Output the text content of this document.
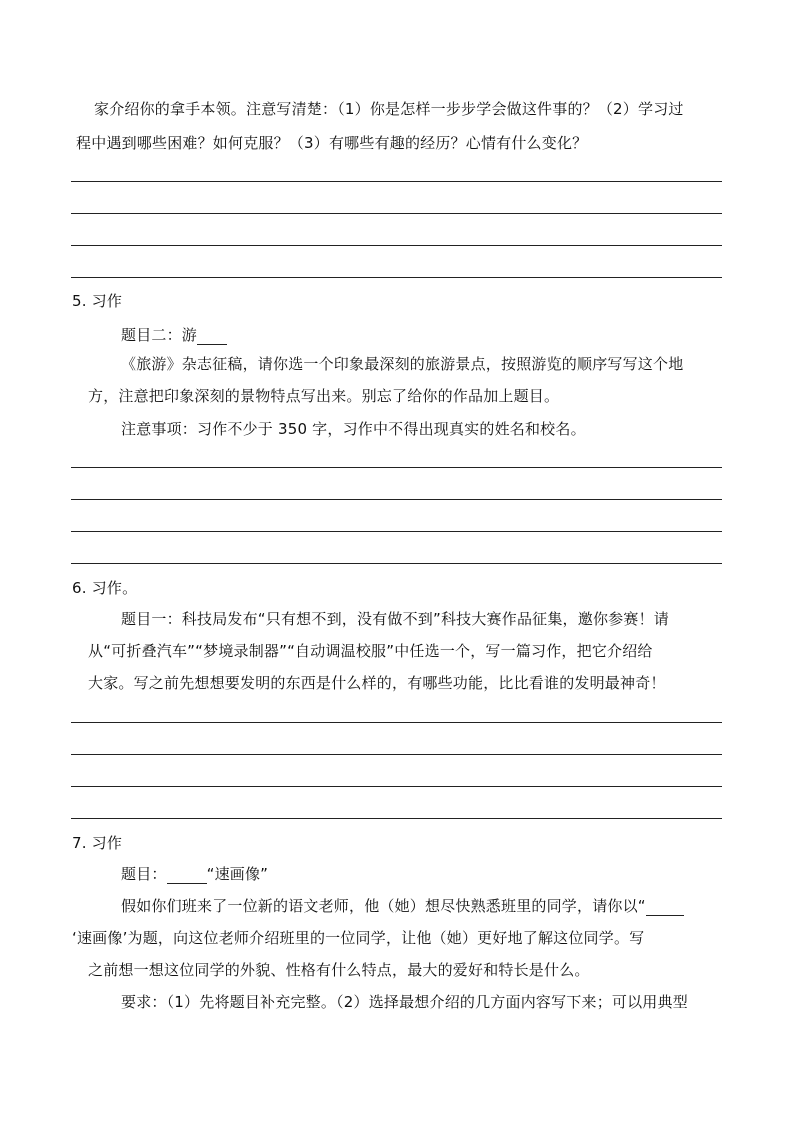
家介绍你的拿手本领。注意写清楚：（1）你是怎样一步步学会做这件事的？（2）学习过
程中遇到哪些困难？如何克服？（3）有哪些有趣的经历？心情有什么变化？
5. 习作
题目二：游
《旅游》杂志征稿，请你选一个印象最深刻的旅游景点，按照游览的顺序写写这个地
方，注意把印象深刻的景物特点写出来。别忘了给你的作品加上题目。
注意事项：习作不少于 350 字，习作中不得出现真实的姓名和校名。
6. 习作。
题目一：科技局发布“只有想不到，没有做不到”科技大赛作品征集，邀你参赛！请
从“可折叠汽车”“梦境录制器”“自动调温校服”中任选一个，写一篇习作，把它介绍给
大家。写之前先想想要发明的东西是什么样的，有哪些功能，比比看谁的发明最神奇！
7. 习作
题目：	“速画像”
假如你们班来了一位新的语文老师，他（她）想尽快熟悉班里的同学，请你以“
‘速画像’为题，向这位老师介绍班里的一位同学，让他（她）更好地了解这位同学。写
之前想一想这位同学的外貌、性格有什么特点，最大的爱好和特长是什么。
要求：（1）先将题目补充完整。（2）选择最想介绍的几方面内容写下来；可以用典型
